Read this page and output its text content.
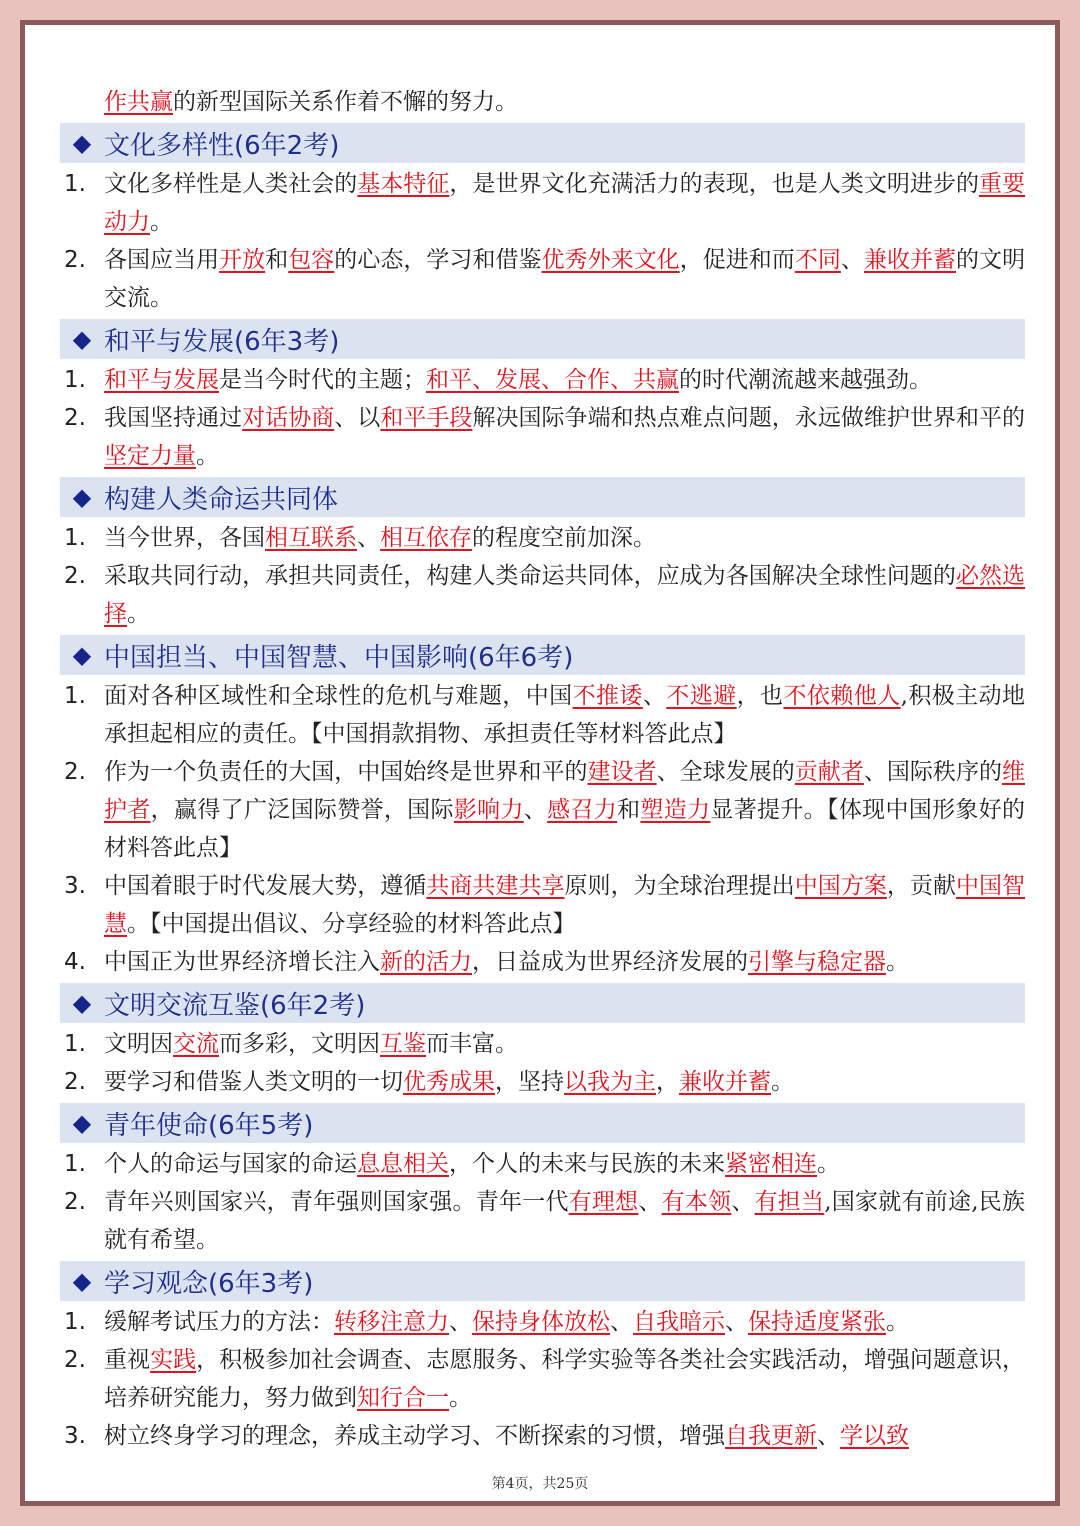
作共赢的新型国际关系作着不懈的努力。
◆ 文化多样性(6年2考)
1. 文化多样性是人类社会的基本特征，是世界文化充满活力的表现，也是人类文明进步的重要动力。
2. 各国应当用开放和包容的心态，学习和借鉴优秀外来文化，促进和而不同、兼收并蓄的文明交流。
◆ 和平与发展(6年3考)
1. 和平与发展是当今时代的主题；和平、发展、合作、共赢的时代潮流越来越强劲。
2. 我国坚持通过对话协商、以和平手段解决国际争端和热点难点问题，永远做维护世界和平的坚定力量。
◆ 构建人类命运共同体
1. 当今世界，各国相互联系、相互依存的程度空前加深。
2. 采取共同行动，承担共同责任，构建人类命运共同体，应成为各国解决全球性问题的必然选择。
◆ 中国担当、中国智慧、中国影响(6年6考)
1. 面对各种区域性和全球性的危机与难题，中国不推诿、不逃避，也不依赖他人,积极主动地承担起相应的责任。【中国捐款捐物、承担责任等材料答此点】
2. 作为一个负责任的大国，中国始终是世界和平的建设者、全球发展的贡献者、国际秩序的维护者，赢得了广泛国际赞誉，国际影响力、感召力和塑造力显著提升。【体现中国形象好的材料答此点】
3. 中国着眼于时代发展大势，遵循共商共建共享原则，为全球治理提出中国方案，贡献中国智慧。【中国提出倡议、分享经验的材料答此点】
4. 中国正为世界经济增长注入新的活力，日益成为世界经济发展的引擎与稳定器。
◆ 文明交流互鉴(6年2考)
1. 文明因交流而多彩，文明因互鉴而丰富。
2. 要学习和借鉴人类文明的一切优秀成果，坚持以我为主，兼收并蓄。
◆ 青年使命(6年5考)
1. 个人的命运与国家的命运息息相关，个人的未来与民族的未来紧密相连。
2. 青年兴则国家兴，青年强则国家强。青年一代有理想、有本领、有担当,国家就有前途,民族就有希望。
◆ 学习观念(6年3考)
1. 缓解考试压力的方法：转移注意力、保持身体放松、自我暗示、保持适度紧张。
2. 重视实践，积极参加社会调查、志愿服务、科学实验等各类社会实践活动，增强问题意识，培养研究能力，努力做到知行合一。
3. 树立终身学习的理念，养成主动学习、不断探索的习惯，增强自我更新、学以致
第4页，共25页
